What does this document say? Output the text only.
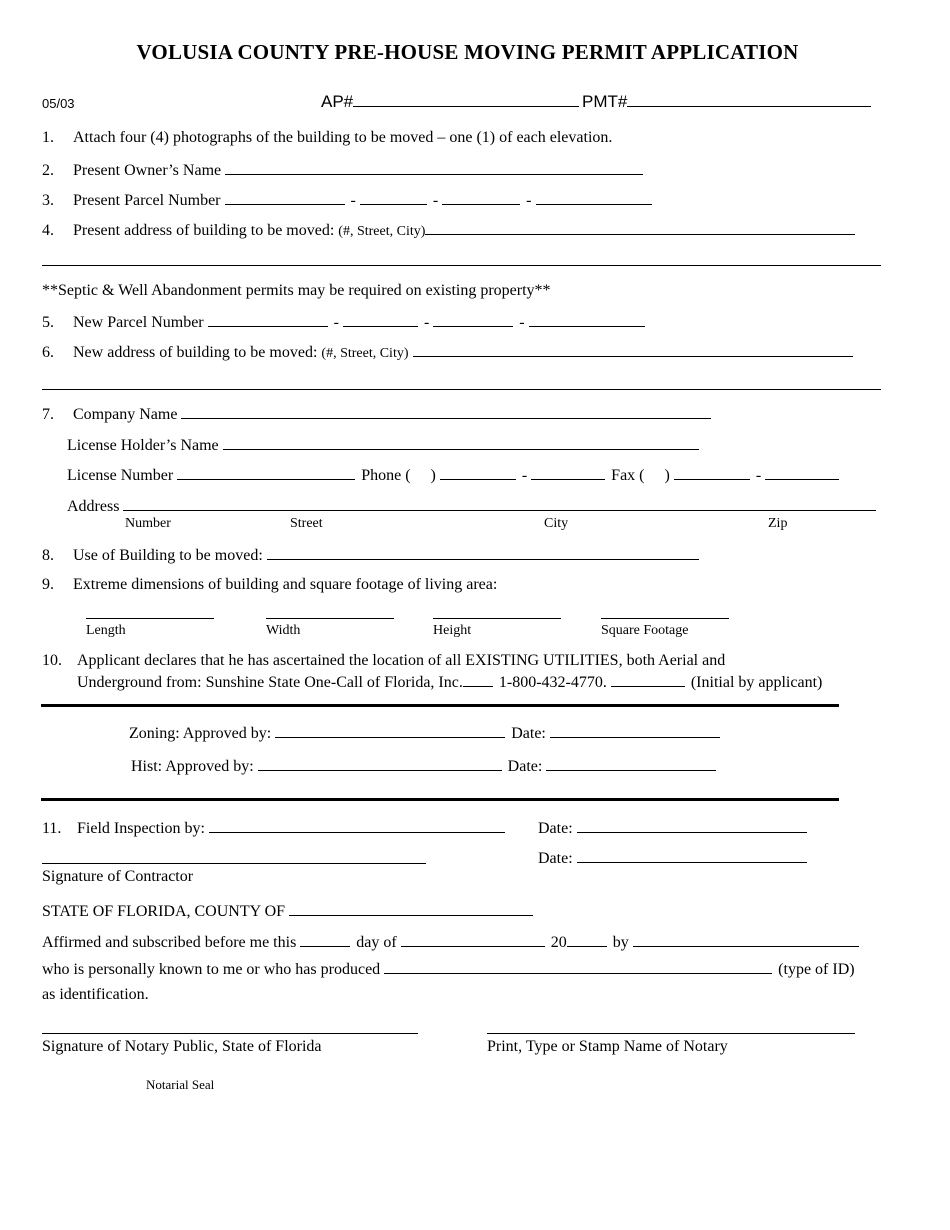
VOLUSIA COUNTY PRE-HOUSE MOVING PERMIT APPLICATION
05/03	AP#	PMT#
1. Attach four (4) photographs of the building to be moved – one (1) of each elevation.
2. Present Owner’s Name
3. Present Parcel Number	-	-	-
4. Present address of building to be moved: (#, Street, City)
**Septic & Well Abandonment permits may be required on existing property**
5. New Parcel Number	-	-	-
6. New address of building to be moved: (#, Street, City)
7. Company Name
License Holder’s Name
License Number	Phone (     )	-	Fax (     )	-
Address
Number	Street	City	Zip
8. Use of Building to be moved:
9. Extreme dimensions of building and square footage of living area:
Length	Width	Height	Square Footage
10. Applicant declares that he has ascertained the location of all EXISTING UTILITIES, both Aerial and
Underground from: Sunshine State One-Call of Florida, Inc. 1-800-432-4770.	(Initial by applicant)
Zoning: Approved by:	Date:
Hist: Approved by:	Date:
11. Field Inspection by:	Date:
Date:
Signature of Contractor
STATE OF FLORIDA, COUNTY OF
Affirmed and subscribed before me this	day of	20	by
who is personally known to me or who has produced	(type of ID)
as identification.
Signature of Notary Public, State of Florida	Print, Type or Stamp Name of Notary
Notarial Seal
